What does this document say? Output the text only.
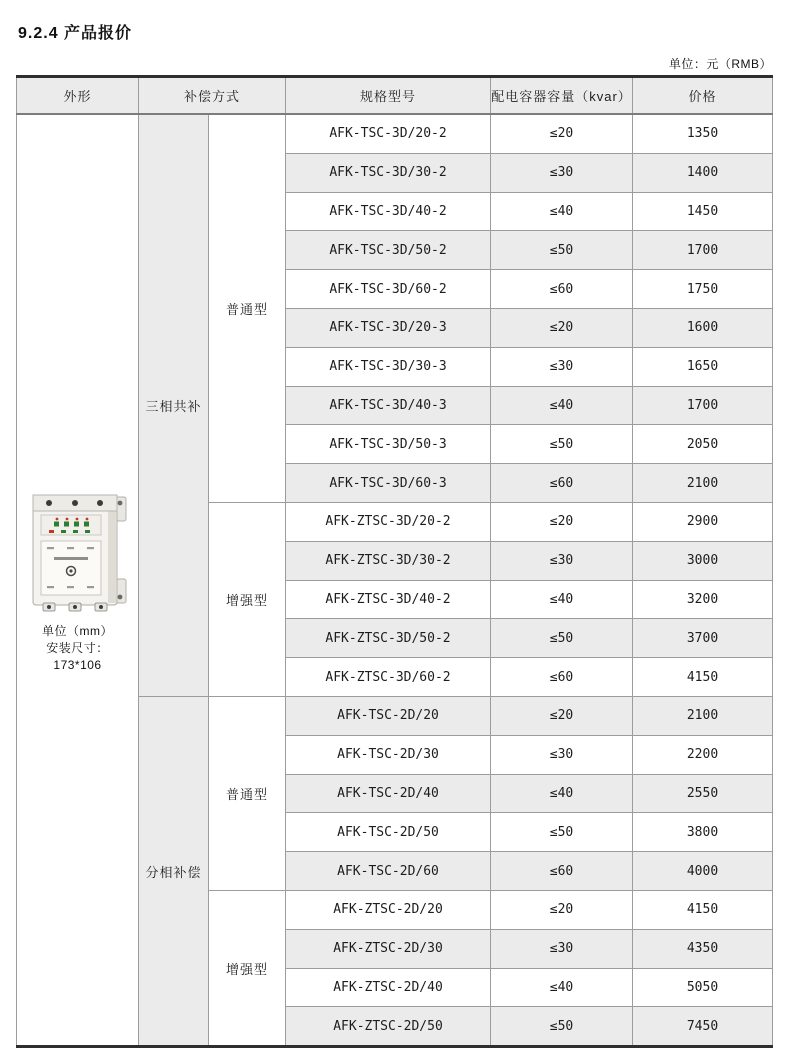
9.2.4 产品报价
单位：元（RMB）
外形	补偿方式		规格型号	配电容器容量（kvar）	价格

单位（mm）
安装尺寸：
173*106	三相共补	普通型	AFK-TSC-3D/20-2	≤20	1350
			AFK-TSC-3D/30-2	≤30	1400
			AFK-TSC-3D/40-2	≤40	1450
			AFK-TSC-3D/50-2	≤50	1700
			AFK-TSC-3D/60-2	≤60	1750
			AFK-TSC-3D/20-3	≤20	1600
			AFK-TSC-3D/30-3	≤30	1650
			AFK-TSC-3D/40-3	≤40	1700
			AFK-TSC-3D/50-3	≤50	2050
			AFK-TSC-3D/60-3	≤60	2100
		增强型	AFK-ZTSC-3D/20-2	≤20	2900
			AFK-ZTSC-3D/30-2	≤30	3000
			AFK-ZTSC-3D/40-2	≤40	3200
			AFK-ZTSC-3D/50-2	≤50	3700
			AFK-ZTSC-3D/60-2	≤60	4150
	分相补偿	普通型	AFK-TSC-2D/20	≤20	2100
			AFK-TSC-2D/30	≤30	2200
			AFK-TSC-2D/40	≤40	2550
			AFK-TSC-2D/50	≤50	3800
			AFK-TSC-2D/60	≤60	4000
		增强型	AFK-ZTSC-2D/20	≤20	4150
			AFK-ZTSC-2D/30	≤30	4350
			AFK-ZTSC-2D/40	≤40	5050
			AFK-ZTSC-2D/50	≤50	7450
